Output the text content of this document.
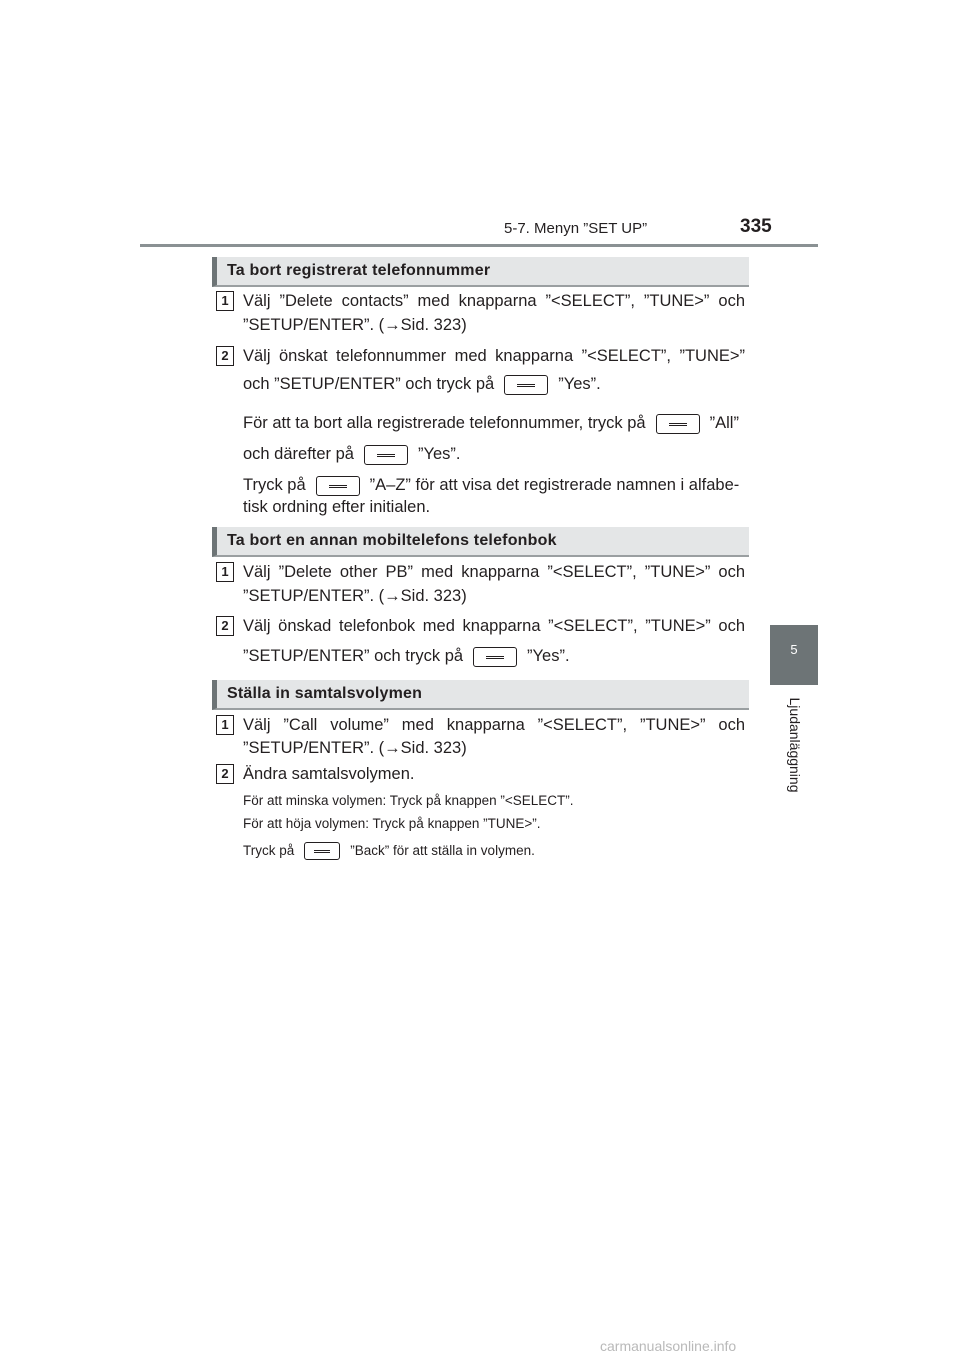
5-7. Menyn ”SET UP”	335
5
Ljudanläggning
Ta bort registrerat telefonnummer
1 Välj ”Delete contacts” med knapparna ”<SELECT”, ”TUNE>” och
”SETUP/ENTER”. (→Sid. 323)
2 Välj önskat telefonnummer med knapparna ”<SELECT”, ”TUNE>”
och ”SETUP/ENTER” och tryck på	”Yes”.
För att ta bort alla registrerade telefonnummer, tryck på	”All”
och därefter på	”Yes”.
Tryck på	”A–Z” för att visa det registrerade namnen i alfabe-
tisk ordning efter initialen.
Ta bort en annan mobiltelefons telefonbok
1 Välj ”Delete other PB” med knapparna ”<SELECT”, ”TUNE>” och
”SETUP/ENTER”. (→Sid. 323)
2 Välj önskad telefonbok med knapparna ”<SELECT”, ”TUNE>” och
”SETUP/ENTER” och tryck på	”Yes”.
Ställa in samtalsvolymen
1 Välj ”Call volume” med knapparna ”<SELECT”, ”TUNE>” och
”SETUP/ENTER”. (→Sid. 323)
2 Ändra samtalsvolymen.
För att minska volymen: Tryck på knappen ”<SELECT”.
För att höja volymen: Tryck på knappen ”TUNE>”.
Tryck på	”Back” för att ställa in volymen.
carmanualsonline.info
